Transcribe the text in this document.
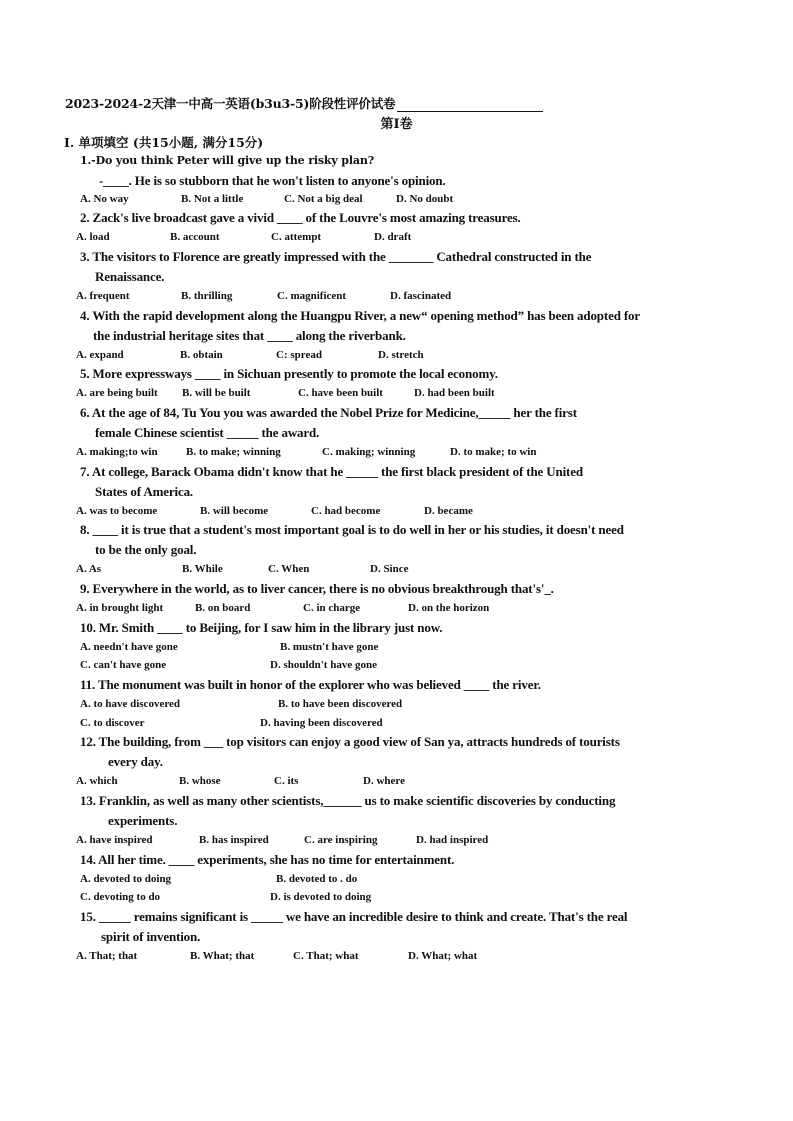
2023-2024-2天津一中高一英语(b3u3-5)阶段性评价试卷
第Ⅰ卷
Ⅰ. 单项填空 (共15小题, 满分15分)
1.-Do you think Peter will give up the risky plan?
-____. He is so stubborn that he won't listen to anyone's opinion.
A. No way	B. Not a little	C. Not a big deal	D. No doubt
2. Zack's live broadcast gave a vivid ____ of the Louvre's most amazing treasures.
A. load	B. account	C. attempt	D. draft
3. The visitors to Florence are greatly impressed with the _______ Cathedral constructed in the
Renaissance.
A. frequent	B. thrilling	C. magnificent	D. fascinated
4. With the rapid development along the Huangpu River, a new“ opening method” has been adopted for
the industrial heritage sites that ____ along the riverbank.
A. expand	B. obtain	C: spread	D. stretch
5. More expressways ____ in Sichuan presently to promote the local economy.
A. are being built B. will be built	C. have been built	D. had been built
6. At the age of 84, Tu You you was awarded the Nobel Prize for Medicine,_____ her the first
female Chinese scientist _____ the award.
A. making;to win	B. to make; winning	C. making; winning	D. to make; to win
7. At college, Barack Obama didn't know that he _____ the first black president of the United
States of America.
A. was to become	B. will become	C. had become	D. became
8. ____ it is true that a student's most important goal is to do well in her or his studies, it doesn't need
to be the only goal.
A. As	B. While	C. When	D. Since
9. Everywhere in the world, as to liver cancer, there is no obvious breakthrough that's'_.
A. in brought light	B. on board	C. in charge	D. on the horizon
10. Mr. Smith ____ to Beijing, for I saw him in the library just now.
A. needn't have gone	B. mustn't have gone
C. can't have gone	D. shouldn't have gone
11. The monument was built in honor of the explorer who was believed ____ the river.
A. to have discovered	B. to have been discovered
C. to discover	D. having been discovered
12. The building, from ___ top visitors can enjoy a good view of San ya, attracts hundreds of tourists
every day.
A. which	B. whose	C. its	D. where
13. Franklin, as well as many other scientists,______ us to make scientific discoveries by conducting
experiments.
A. have inspired	B. has inspired	C. are inspiring	D. had inspired
14. All her time. ____ experiments, she has no time for entertainment.
A. devoted to doing	B. devoted to . do
C. devoting to do	D. is devoted to doing
15. _____ remains significant is _____ we have an incredible desire to think and create. That's the real
spirit of invention.
A. That; that	B. What; that	C. That; what	D. What; what
